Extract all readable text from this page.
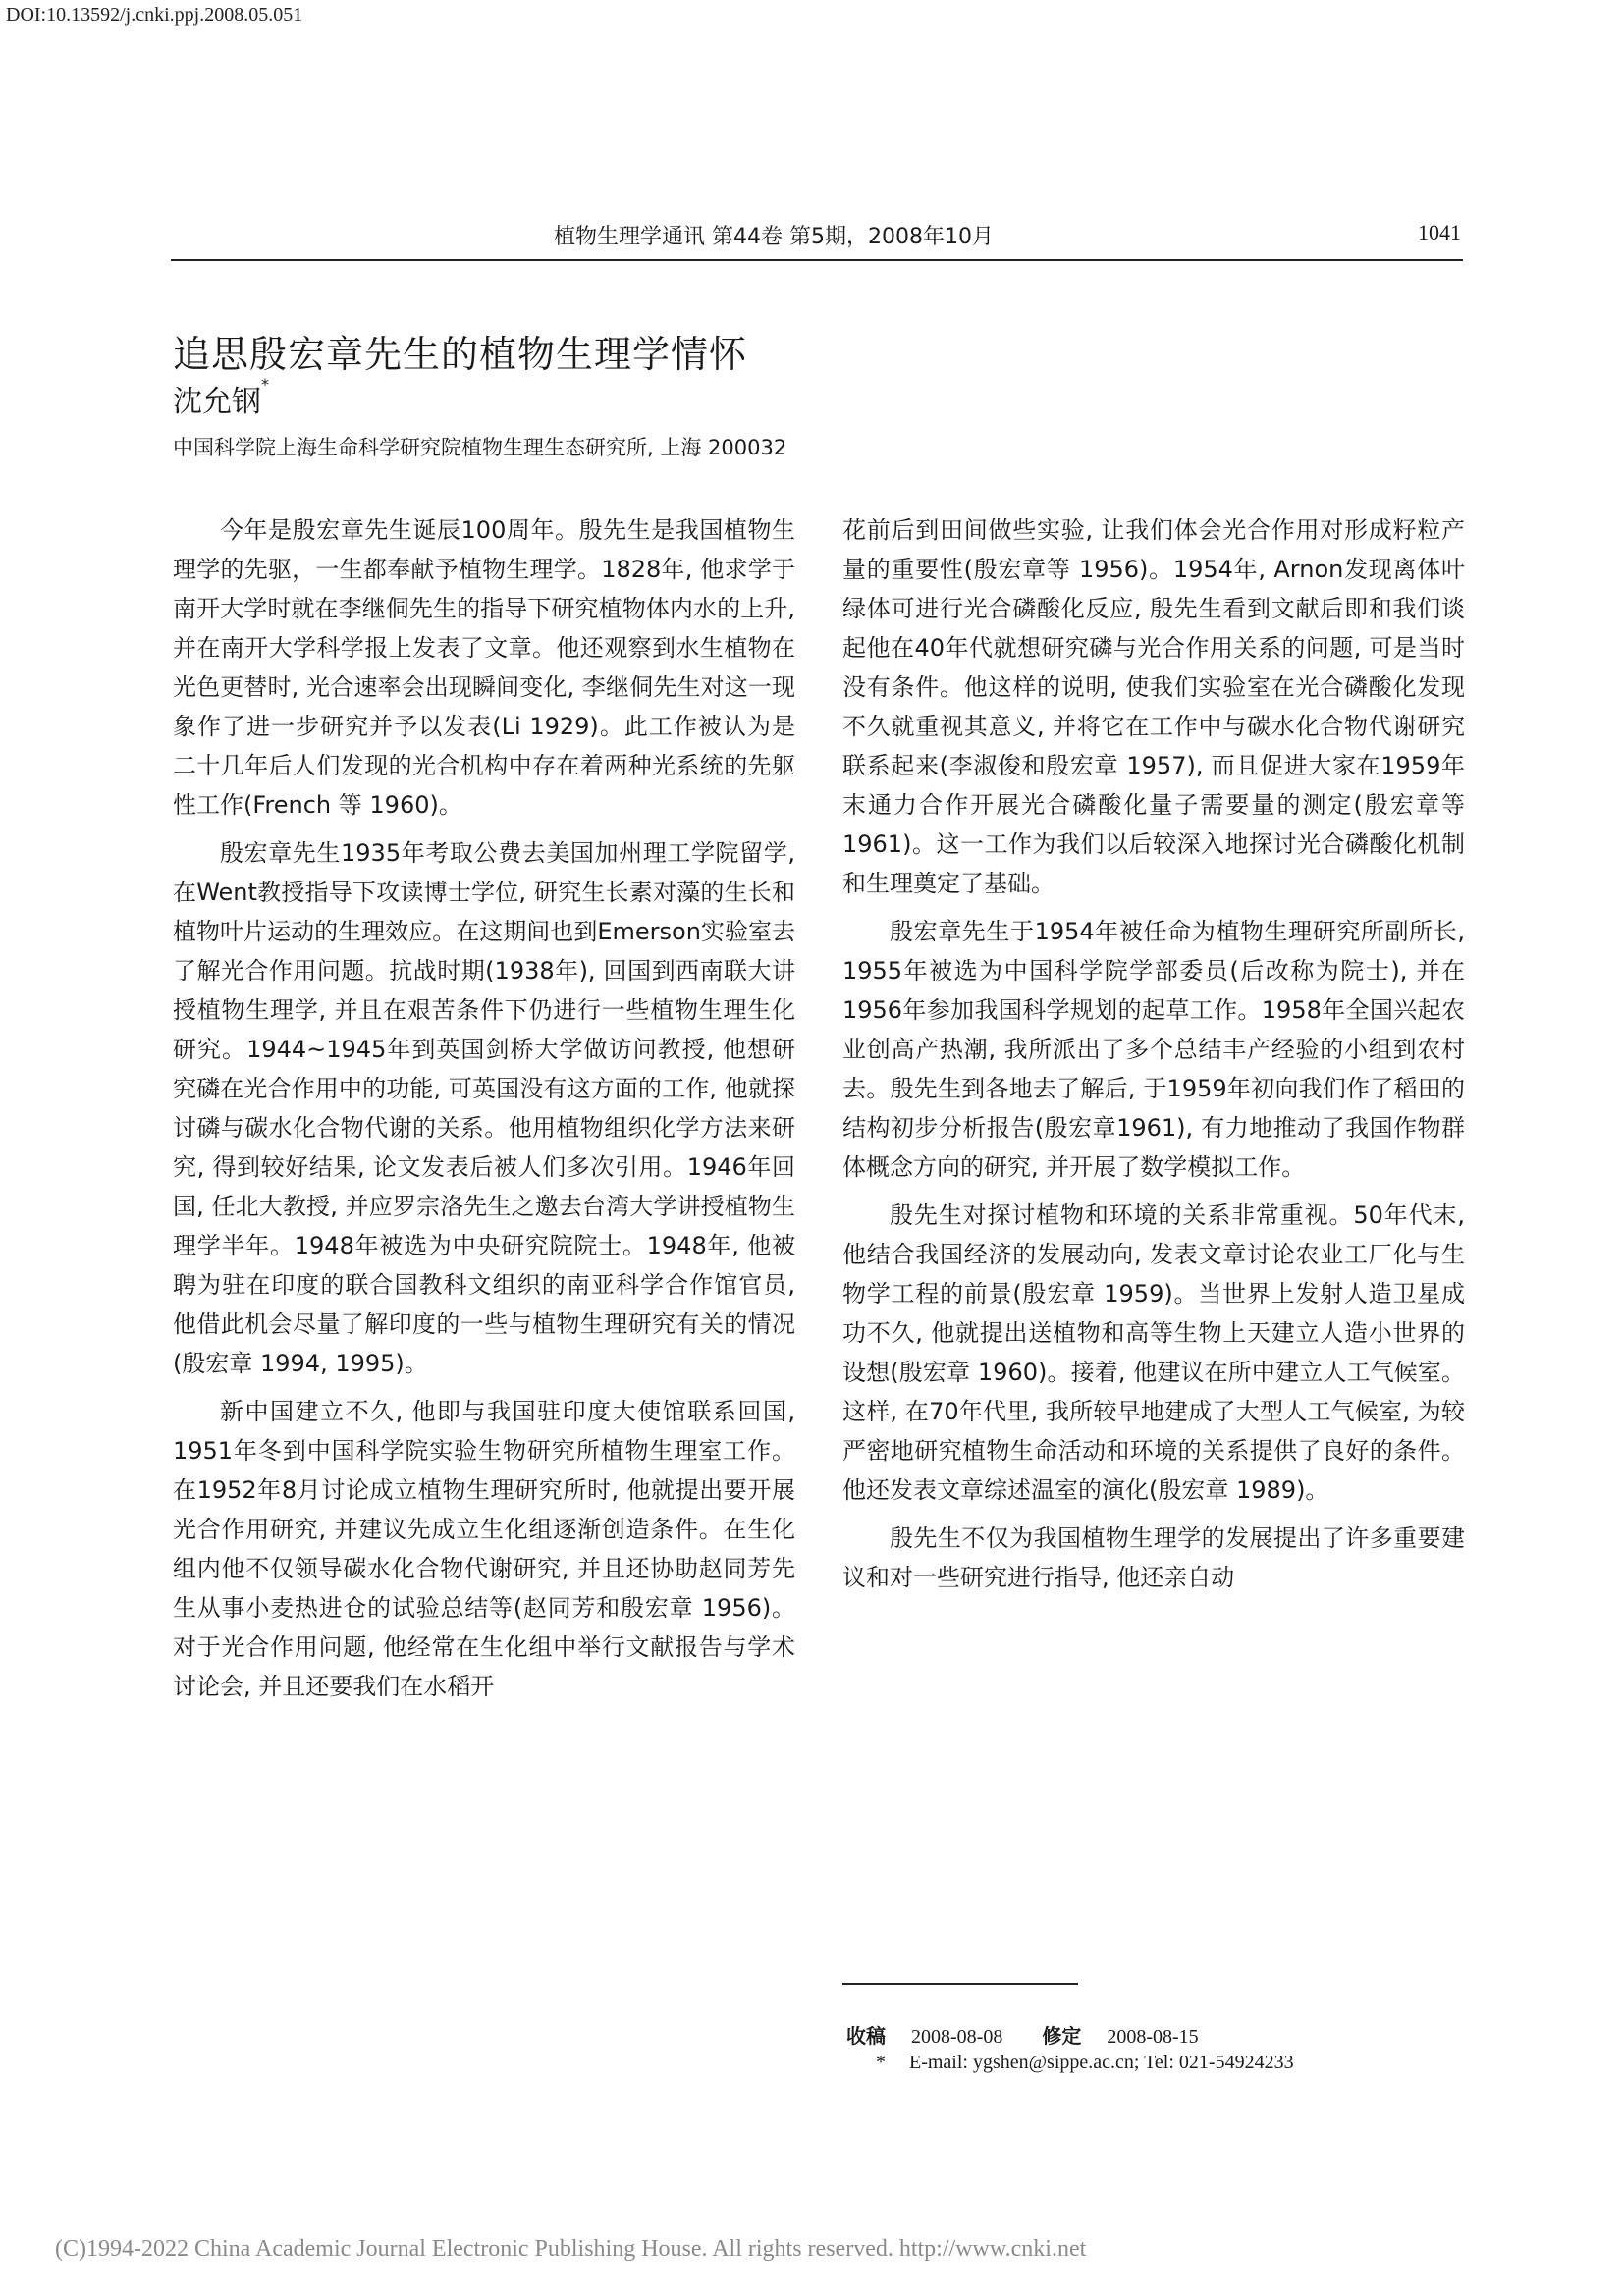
DOI:10.13592/j.cnki.ppj.2008.05.051
植物生理学通讯 第44卷 第5期，2008年10月	1041
追思殷宏章先生的植物生理学情怀
沈允钢*
中国科学院上海生命科学研究院植物生理生态研究所, 上海 200032

今年是殷宏章先生诞辰100周年。殷先生是我国植物生理学的先驱，一生都奉献予植物生理学。1828年, 他求学于南开大学时就在李继侗先生的指导下研究植物体内水的上升, 并在南开大学科学报上发表了文章。他还观察到水生植物在光色更替时, 光合速率会出现瞬间变化, 李继侗先生对这一现象作了进一步研究并予以发表(Li 1929)。此工作被认为是二十几年后人们发现的光合机构中存在着两种光系统的先躯性工作(French 等 1960)。

殷宏章先生1935年考取公费去美国加州理工学院留学, 在Went教授指导下攻读博士学位, 研究生长素对藻的生长和植物叶片运动的生理效应。在这期间也到Emerson实验室去了解光合作用问题。抗战时期(1938年), 回国到西南联大讲授植物生理学, 并且在艰苦条件下仍进行一些植物生理生化研究。1944~1945年到英国剑桥大学做访问教授, 他想研究磷在光合作用中的功能, 可英国没有这方面的工作, 他就探讨磷与碳水化合物代谢的关系。他用植物组织化学方法来研究, 得到较好结果, 论文发表后被人们多次引用。1946年回国, 任北大教授, 并应罗宗洛先生之邀去台湾大学讲授植物生理学半年。1948年被选为中央研究院院士。1948年, 他被聘为驻在印度的联合国教科文组织的南亚科学合作馆官员, 他借此机会尽量了解印度的一些与植物生理研究有关的情况(殷宏章 1994, 1995)。

新中国建立不久, 他即与我国驻印度大使馆联系回国, 1951年冬到中国科学院实验生物研究所植物生理室工作。在1952年8月讨论成立植物生理研究所时, 他就提出要开展光合作用研究, 并建议先成立生化组逐渐创造条件。在生化组内他不仅领导碳水化合物代谢研究, 并且还协助赵同芳先生从事小麦热进仓的试验总结等(赵同芳和殷宏章 1956)。对于光合作用问题, 他经常在生化组中举行文献报告与学术讨论会, 并且还要我们在水稻开

花前后到田间做些实验, 让我们体会光合作用对形成籽粒产量的重要性(殷宏章等 1956)。1954年, Arnon发现离体叶绿体可进行光合磷酸化反应, 殷先生看到文献后即和我们谈起他在40年代就想研究磷与光合作用关系的问题, 可是当时没有条件。他这样的说明, 使我们实验室在光合磷酸化发现不久就重视其意义, 并将它在工作中与碳水化合物代谢研究联系起来(李淑俊和殷宏章 1957), 而且促进大家在1959年末通力合作开展光合磷酸化量子需要量的测定(殷宏章等 1961)。这一工作为我们以后较深入地探讨光合磷酸化机制和生理奠定了基础。

殷宏章先生于1954年被任命为植物生理研究所副所长, 1955年被选为中国科学院学部委员(后改称为院士), 并在1956年参加我国科学规划的起草工作。1958年全国兴起农业创高产热潮, 我所派出了多个总结丰产经验的小组到农村去。殷先生到各地去了解后, 于1959年初向我们作了稻田的结构初步分析报告(殷宏章1961), 有力地推动了我国作物群体概念方向的研究, 并开展了数学模拟工作。

殷先生对探讨植物和环境的关系非常重视。50年代末, 他结合我国经济的发展动向, 发表文章讨论农业工厂化与生物学工程的前景(殷宏章 1959)。当世界上发射人造卫星成功不久, 他就提出送植物和高等生物上天建立人造小世界的设想(殷宏章 1960)。接着, 他建议在所中建立人工气候室。这样, 在70年代里, 我所较早地建成了大型人工气候室, 为较严密地研究植物生命活动和环境的关系提供了良好的条件。他还发表文章综述温室的演化(殷宏章 1989)。

殷先生不仅为我国植物生理学的发展提出了许多重要建议和对一些研究进行指导, 他还亲自动

收稿 2008-08-08 修定 2008-08-15
* E-mail: ygshen@sippe.ac.cn; Tel: 021-54924233
(C)1994-2022 China Academic Journal Electronic Publishing House. All rights reserved. http://www.cnki.net
